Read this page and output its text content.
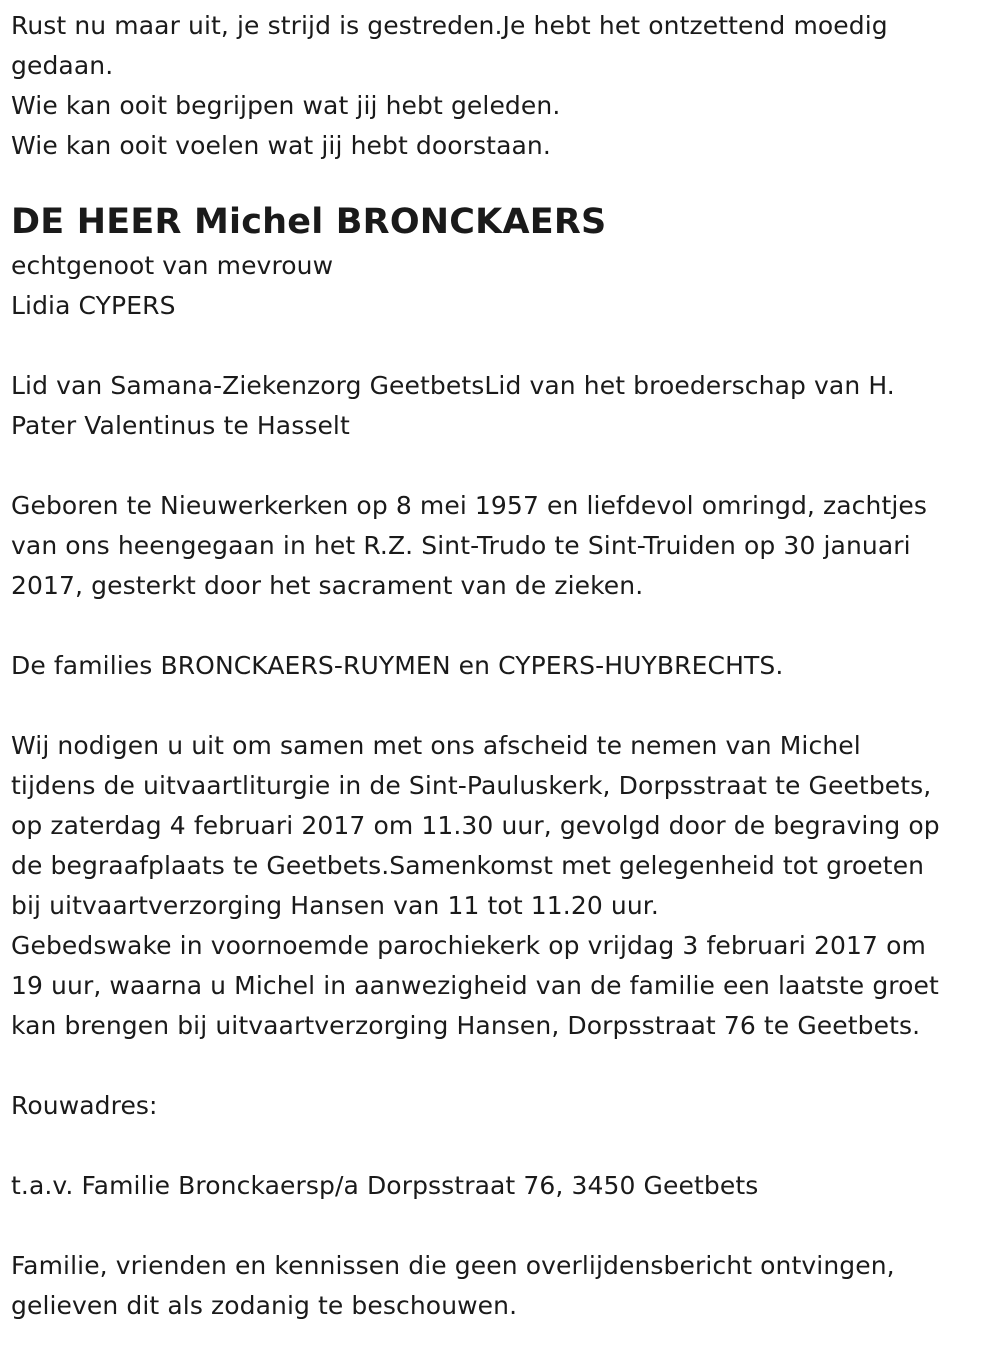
Rust nu maar uit, je strijd is gestreden.Je hebt het ontzettend moedig
gedaan.
Wie kan ooit begrijpen wat jij hebt geleden.
Wie kan ooit voelen wat jij hebt doorstaan.
DE HEER Michel BRONCKAERS
echtgenoot van mevrouw
Lidia CYPERS
Lid van Samana-Ziekenzorg GeetbetsLid van het broederschap van H.
Pater Valentinus te Hasselt
Geboren te Nieuwerkerken op 8 mei 1957 en liefdevol omringd, zachtjes
van ons heengegaan in het R.Z. Sint-Trudo te Sint-Truiden op 30 januari
2017, gesterkt door het sacrament van de zieken.
De families BRONCKAERS-RUYMEN en CYPERS-HUYBRECHTS.
Wij nodigen u uit om samen met ons afscheid te nemen van Michel
tijdens de uitvaartliturgie in de Sint-Pauluskerk, Dorpsstraat te Geetbets,
op zaterdag 4 februari 2017 om 11.30 uur, gevolgd door de begraving op
de begraafplaats te Geetbets.Samenkomst met gelegenheid tot groeten
bij uitvaartverzorging Hansen van 11 tot 11.20 uur.
Gebedswake in voornoemde parochiekerk op vrijdag 3 februari 2017 om
19 uur, waarna u Michel in aanwezigheid van de familie een laatste groet
kan brengen bij uitvaartverzorging Hansen, Dorpsstraat 76 te Geetbets.
Rouwadres:
t.a.v. Familie Bronckaersp/a Dorpsstraat 76, 3450 Geetbets
Familie, vrienden en kennissen die geen overlijdensbericht ontvingen,
gelieven dit als zodanig te beschouwen.
